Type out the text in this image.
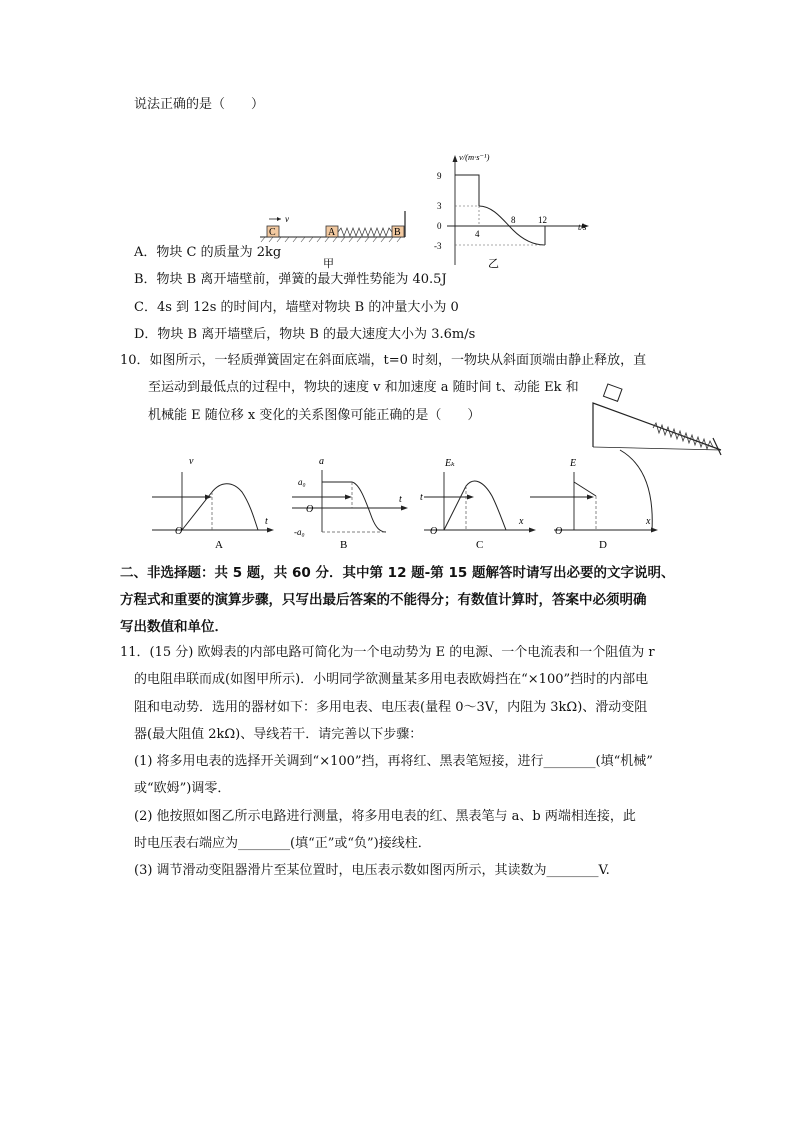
说法正确的是（　　）
C
v
A	B
甲
v/(m·s⁻¹)
t/s
9
3
0
-3
4
8	12
乙
A．物块 C 的质量为 2kg
B．物块 B 离开墙壁前，弹簧的最大弹性势能为 40.5J
C．4s 到 12s 的时间内，墙壁对物块 B 的冲量大小为 0
D．物块 B 离开墙壁后，物块 B 的最大速度大小为 3.6m/s
10．如图所示，一轻质弹簧固定在斜面底端，t=0 时刻，一物块从斜面顶端由静止释放，直
至运动到最低点的过程中，物块的速度 v 和加速度 a 随时间 t、动能 Ek 和
机械能 E 随位移 x 变化的关系图像可能正确的是（　　）
v
O
t
A
a
a₀
O
-a₀
t
B
t
Eₖ
O
x
C
E
O
x
D
二、非选择题：共 5 题，共 60 分．其中第 12 题-第 15 题解答时请写出必要的文字说明、
方程式和重要的演算步骤，只写出最后答案的不能得分；有数值计算时，答案中必须明确
写出数值和单位．
11．(15 分) 欧姆表的内部电路可简化为一个电动势为 E 的电源、一个电流表和一个阻值为 r
的电阻串联而成(如图甲所示)．小明同学欲测量某多用电表欧姆挡在“×100”挡时的内部电
阻和电动势．选用的器材如下：多用电表、电压表(量程 0～3V，内阻为 3kΩ)、滑动变阻
器(最大阻值 2kΩ)、导线若干．请完善以下步骤：
(1) 将多用电表的选择开关调到“×100”挡，再将红、黑表笔短接，进行________(填“机械”
或“欧姆”)调零．
(2) 他按照如图乙所示电路进行测量，将多用电表的红、黑表笔与 a、b 两端相连接，此
时电压表右端应为________(填“正”或“负”)接线柱．
(3) 调节滑动变阻器滑片至某位置时，电压表示数如图丙所示，其读数为________V.
